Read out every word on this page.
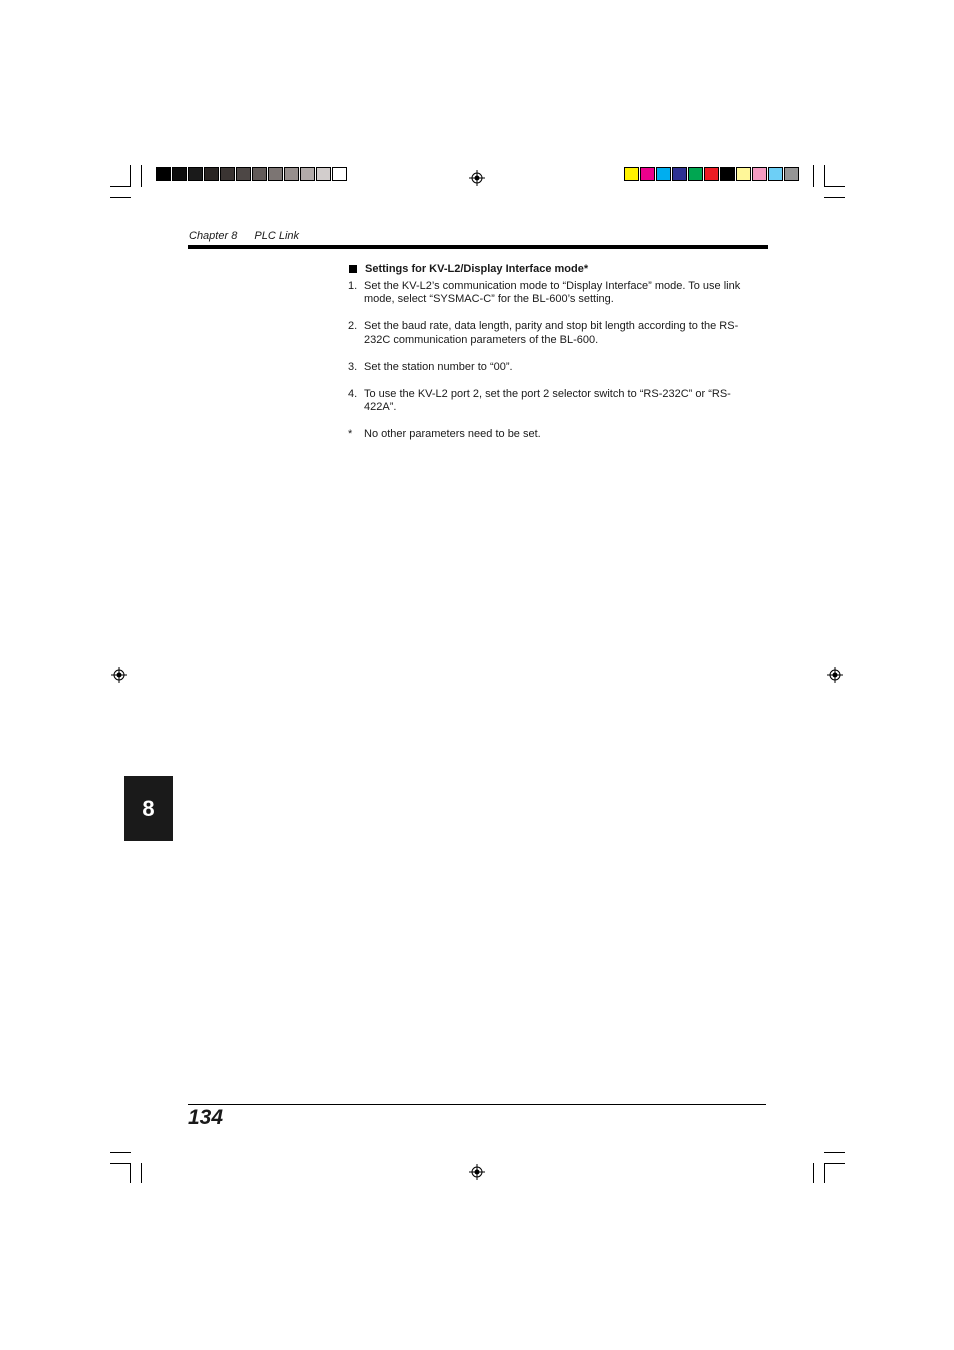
Chapter 8 PLC Link
Settings for KV-L2/Display Interface mode*
1. Set the KV-L2’s communication mode to “Display Interface” mode. To use link mode, select “SYSMAC-C” for the BL-600’s setting.
2. Set the baud rate, data length, parity and stop bit length according to the RS-232C communication parameters of the BL-600.
3. Set the station number to “00”.
4. To use the KV-L2 port 2, set the port 2 selector switch to “RS-232C” or “RS-422A”.
*	No other parameters need to be set.
8
134
